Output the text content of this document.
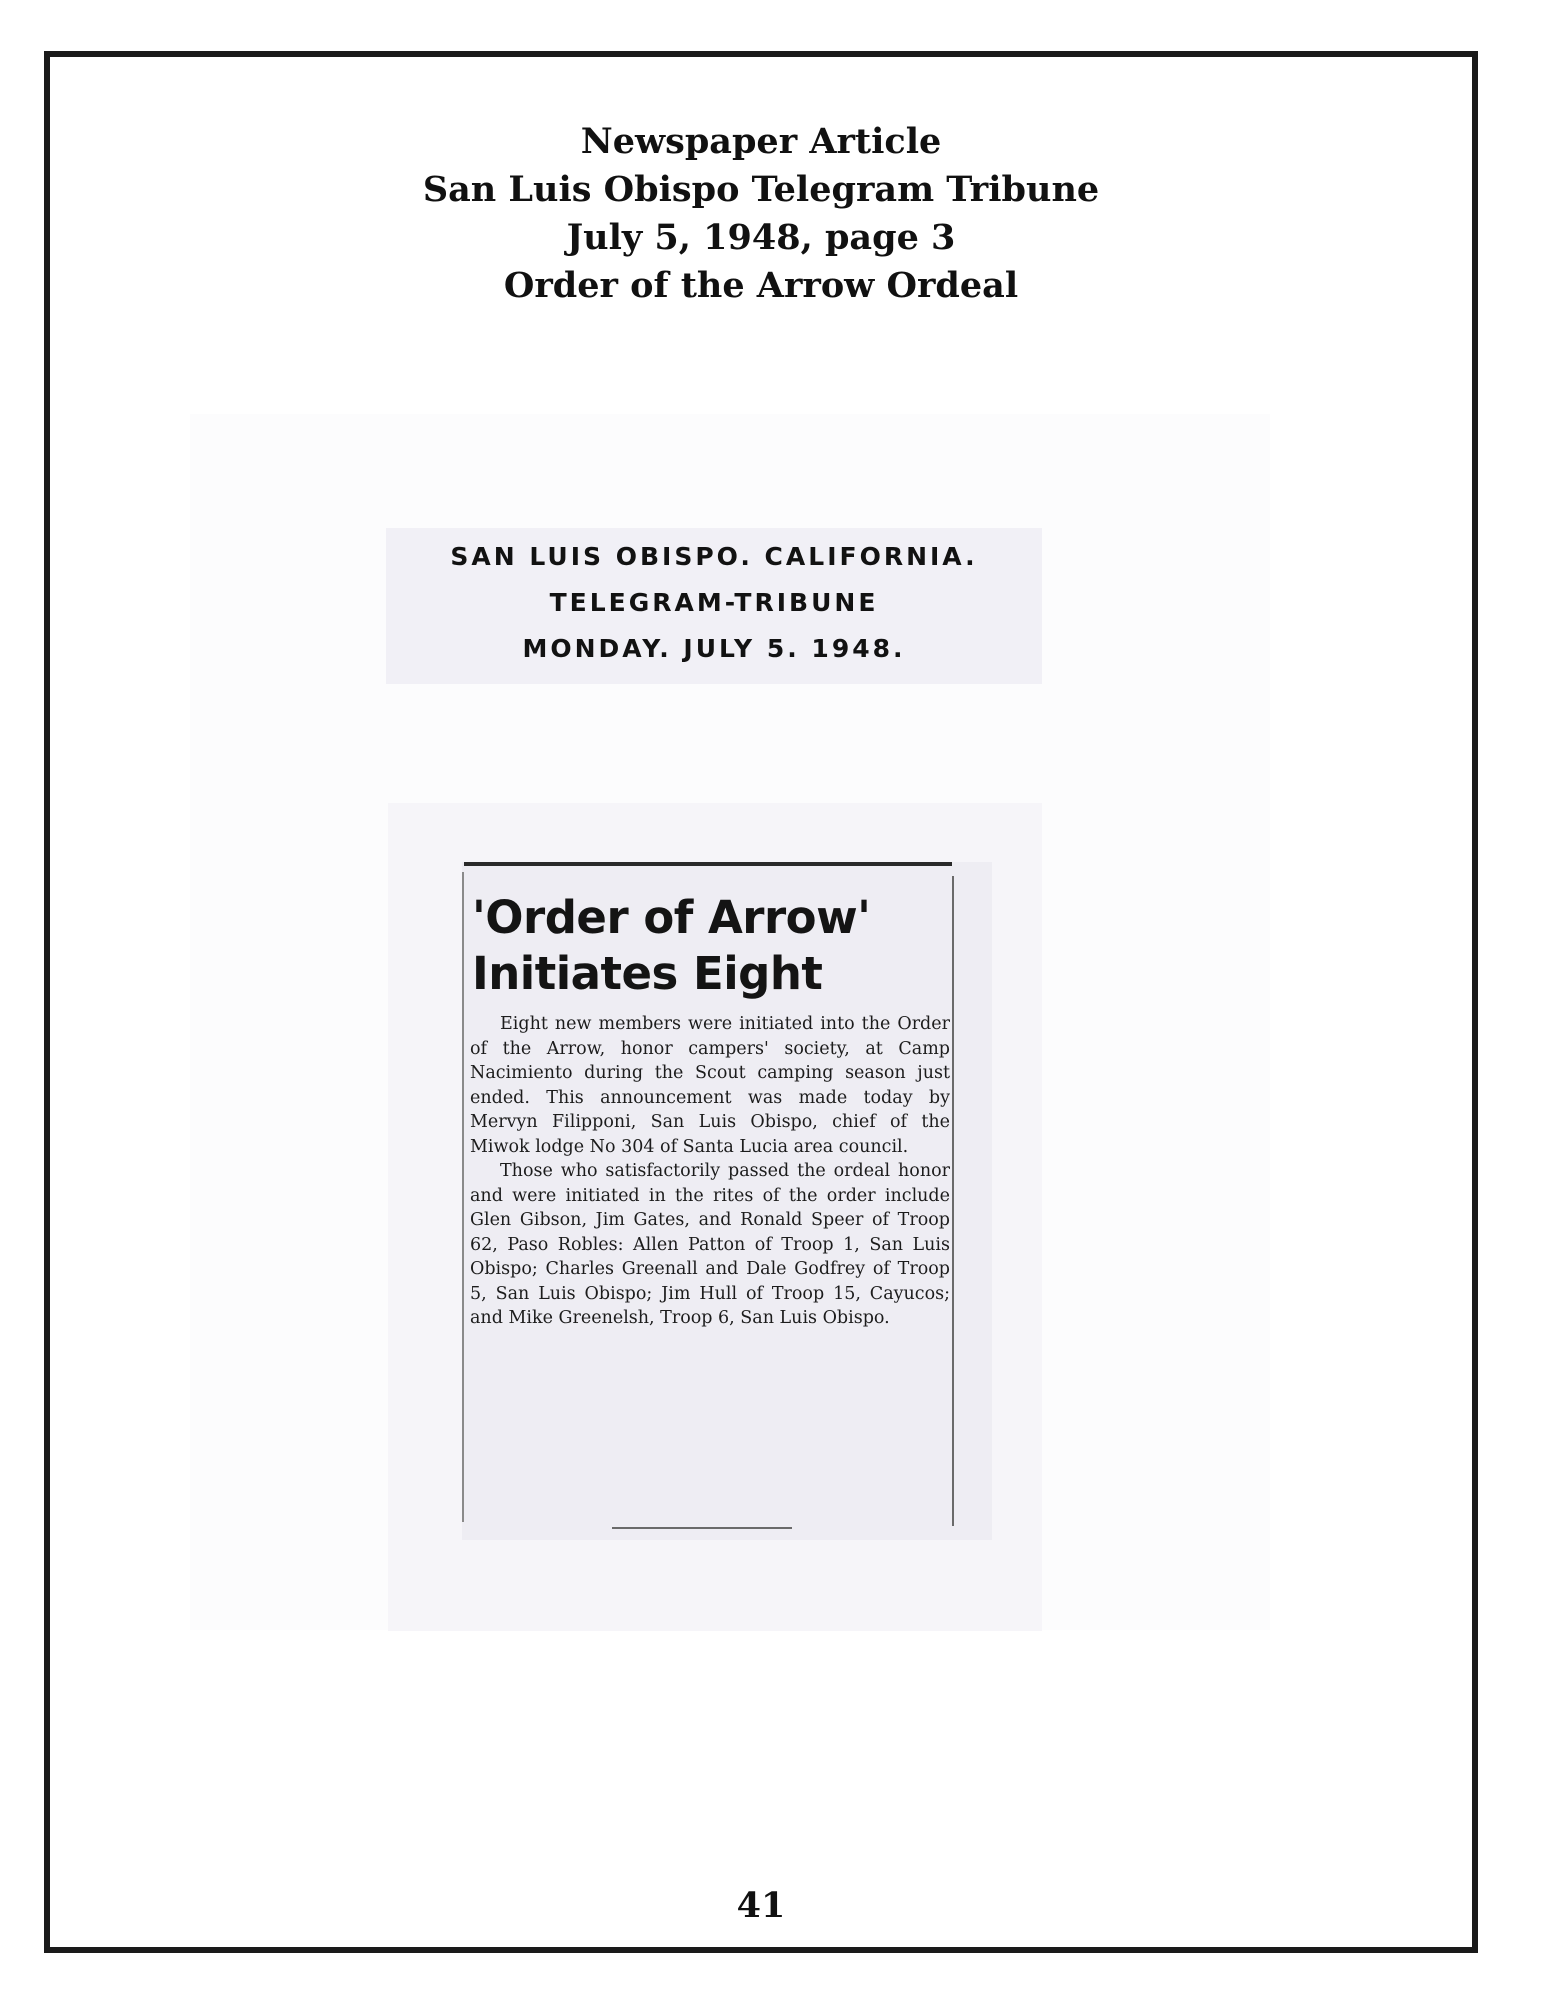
Newspaper Article
San Luis Obispo Telegram Tribune
July 5, 1948, page 3
Order of the Arrow Ordeal
41
SAN LUIS OBISPO. CALIFORNIA.
TELEGRAM-TRIBUNE
MONDAY. JULY 5. 1948.
'Order of Arrow'
Initiates Eight

Eight new members were initiated into the Order of the Arrow, honor campers' society, at Camp Nacimiento during the Scout camping season just ended. This announcement was made today by Mervyn Filipponi, San Luis Obispo, chief of the Miwok lodge No 304 of Santa Lucia area council.

Those who satisfactorily passed the ordeal honor and were initiated in the rites of the order include Glen Gibson, Jim Gates, and Ronald Speer of Troop 62, Paso Robles: Allen Patton of Troop 1, San Luis Obispo; Charles Greenall and Dale Godfrey of Troop 5, San Luis Obispo; Jim Hull of Troop 15, Cayucos; and Mike Greenelsh, Troop 6, San Luis Obispo.
